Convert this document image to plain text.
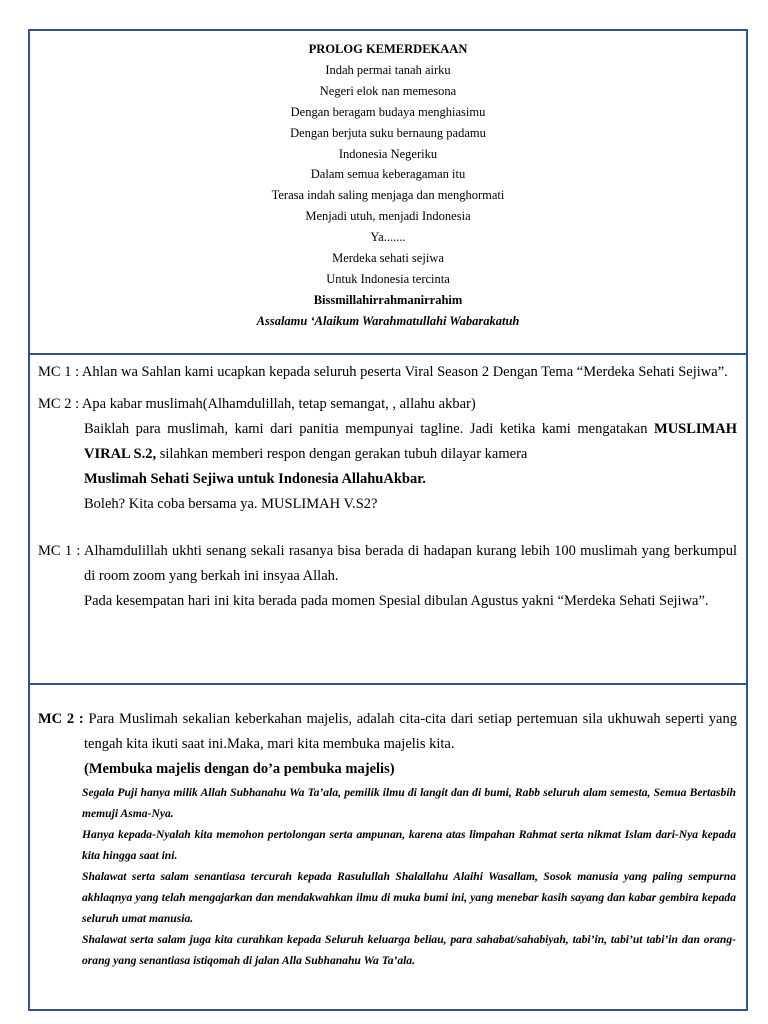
PROLOG KEMERDEKAAN
Indah permai tanah airku
Negeri elok nan memesona
Dengan beragam budaya menghiasimu
Dengan berjuta suku bernaung padamu
Indonesia Negeriku
Dalam semua keberagaman itu
Terasa indah saling menjaga dan menghormati
Menjadi utuh, menjadi Indonesia
Ya.......
Merdeka sehati sejiwa
Untuk Indonesia tercinta
Bissmillahirrahmanirrahim
Assalamu ‘Alaikum Warahmatullahi Wabarakatuh
MC 1 : Ahlan wa Sahlan kami ucapkan kepada seluruh peserta Viral Season 2 Dengan Tema “Merdeka Sehati Sejiwa”.
MC 2 : Apa kabar muslimah(Alhamdulillah, tetap semangat, , allahu akbar)
Baiklah para muslimah, kami dari panitia mempunyai tagline. Jadi ketika kami mengatakan MUSLIMAH VIRAL S.2, silahkan memberi respon dengan gerakan tubuh dilayar kamera
Muslimah Sehati Sejiwa untuk Indonesia AllahuAkbar.
Boleh? Kita coba bersama ya. MUSLIMAH V.S2?
MC 1 : Alhamdulillah ukhti senang sekali rasanya bisa berada di hadapan kurang lebih 100 muslimah yang berkumpul di room zoom yang berkah ini insyaa Allah.
Pada kesempatan hari ini kita berada pada momen Spesial dibulan Agustus yakni “Merdeka Sehati Sejiwa”.
MC 2 : Para Muslimah sekalian keberkahan majelis, adalah cita-cita dari setiap pertemuan sila ukhuwah seperti yang tengah kita ikuti saat ini.Maka, mari kita membuka majelis kita.
(Membuka majelis dengan do’a pembuka majelis)

Segala Puji hanya milik Allah Subhanahu Wa Ta’ala, pemilik ilmu di langit dan di bumi, Rabb seluruh alam semesta, Semua Bertasbih memuji Asma-Nya.

Hanya kepada-Nyalah kita memohon pertolongan serta ampunan, karena atas limpahan Rahmat serta nikmat Islam dari-Nya kepada kita hingga saat ini.

Shalawat serta salam senantiasa tercurah kepada Rasulullah Shalallahu Alaihi Wasallam, Sosok manusia yang paling sempurna akhlaqnya yang telah mengajarkan dan mendakwahkan ilmu di muka bumi ini, yang menebar kasih sayang dan kabar gembira kepada seluruh umat manusia.

Shalawat serta salam juga kita curahkan kepada Seluruh keluarga beliau, para sahabat/sahabiyah, tabi’in, tabi’ut tabi’in dan orang-orang yang senantiasa istiqomah di jalan Alla Subhanahu Wa Ta’ala.
